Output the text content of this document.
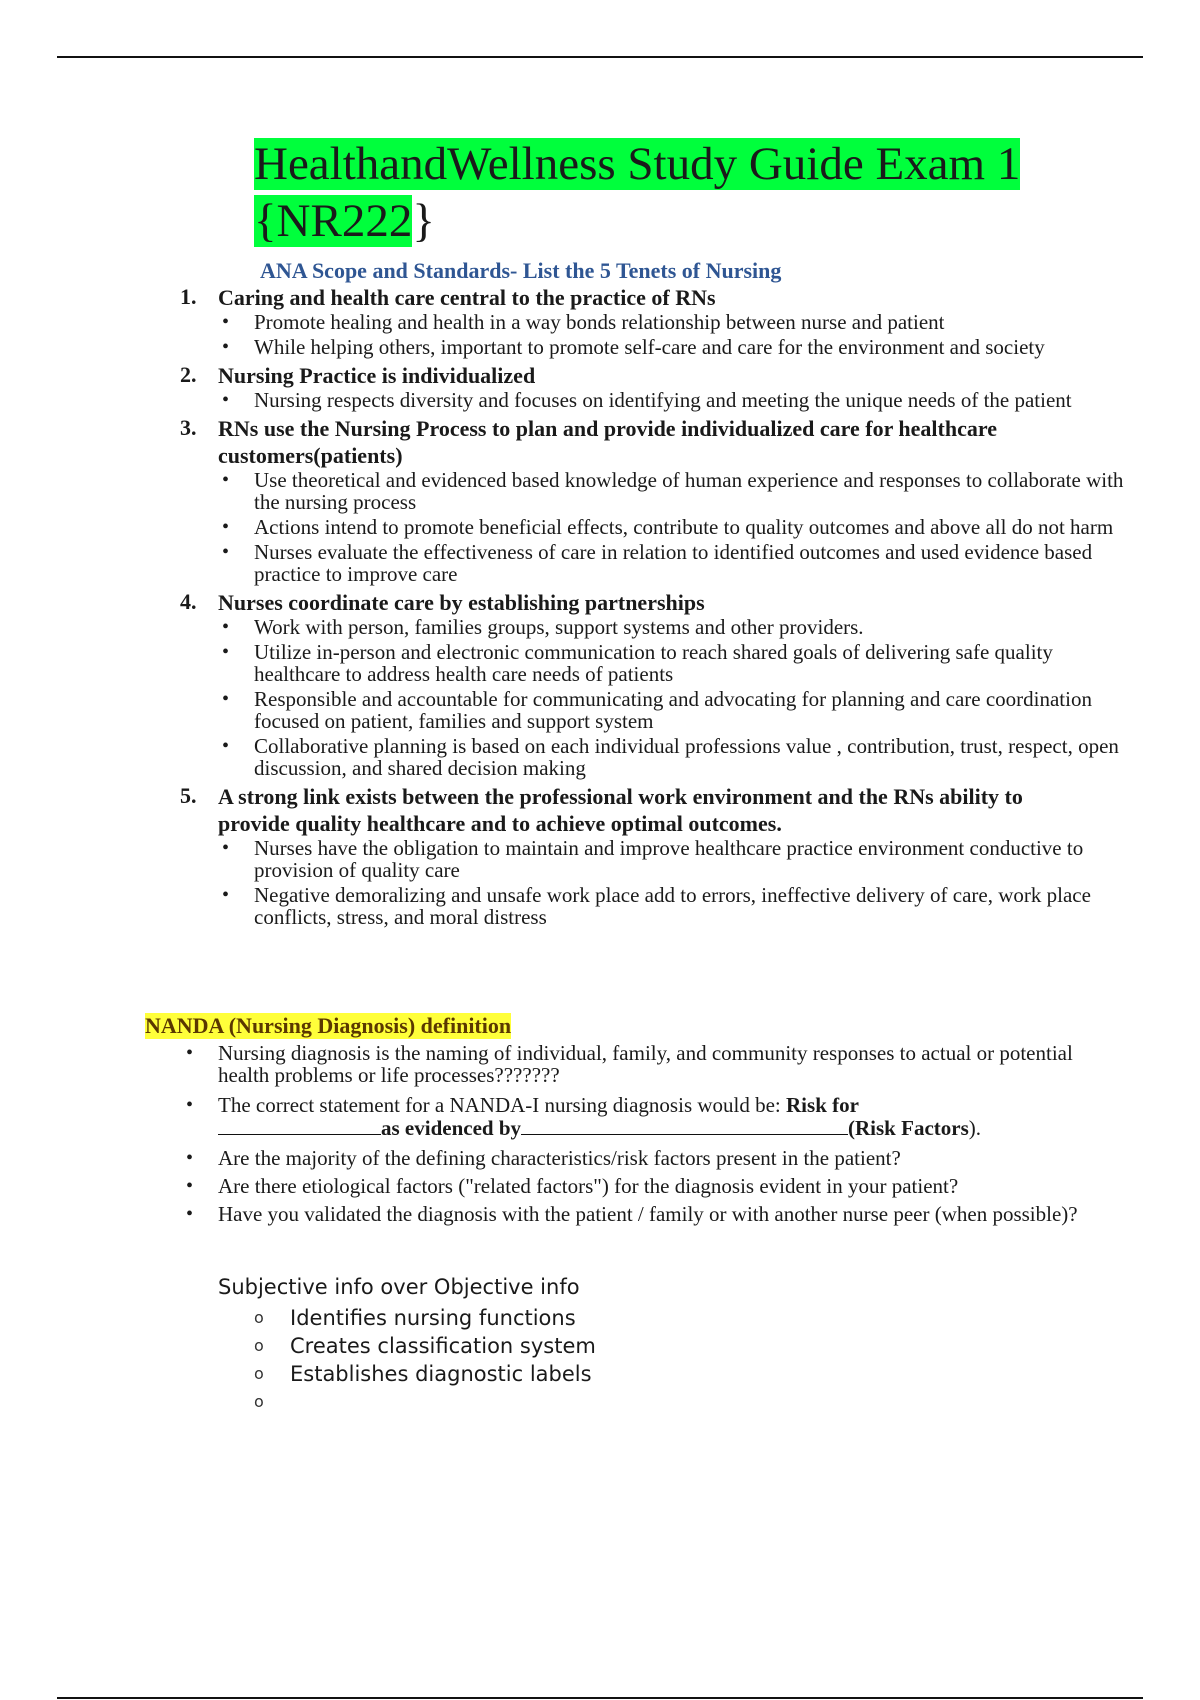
HealthandWellness Study Guide Exam 1
{NR222}
ANA Scope and Standards- List the 5 Tenets of Nursing
1. Caring and health care central to the practice of RNs
• Promote healing and health in a way bonds relationship between nurse and patient
• While helping others, important to promote self-care and care for the environment and society
2. Nursing Practice is individualized
• Nursing respects diversity and focuses on identifying and meeting the unique needs of the patient
3. RNs use the Nursing Process to plan and provide individualized care for healthcare customers(patients)
• Use theoretical and evidenced based knowledge of human experience and responses to collaborate with the nursing process
• Actions intend to promote beneficial effects, contribute to quality outcomes and above all do not harm
• Nurses evaluate the effectiveness of care in relation to identified outcomes and used evidence based practice to improve care
4. Nurses coordinate care by establishing partnerships
• Work with person, families groups, support systems and other providers.
• Utilize in-person and electronic communication to reach shared goals of delivering safe quality healthcare to address health care needs of patients
• Responsible and accountable for communicating and advocating for planning and care coordination focused on patient, families and support system
• Collaborative planning is based on each individual professions value , contribution, trust, respect, open discussion, and shared decision making
5. A strong link exists between the professional work environment and the RNs ability to provide quality healthcare and to achieve optimal outcomes.
• Nurses have the obligation to maintain and improve healthcare practice environment conductive to provision of quality care
• Negative demoralizing and unsafe work place add to errors, ineffective delivery of care, work place conflicts, stress, and moral distress
NANDA (Nursing Diagnosis) definition
• Nursing diagnosis is the naming of individual, family, and community responses to actual or potential health problems or life processes???????
• The correct statement for a NANDA-I nursing diagnosis would be: Risk for
as evidenced by	(Risk Factors).
• Are the majority of the defining characteristics/risk factors present in the patient?
• Are there etiological factors ("related factors") for the diagnosis evident in your patient?
• Have you validated the diagnosis with the patient / family or with another nurse peer (when possible)?

Subjective info over Objective info

o Identifies nursing functions
o Creates classification system
o Establishes diagnostic labels
o
